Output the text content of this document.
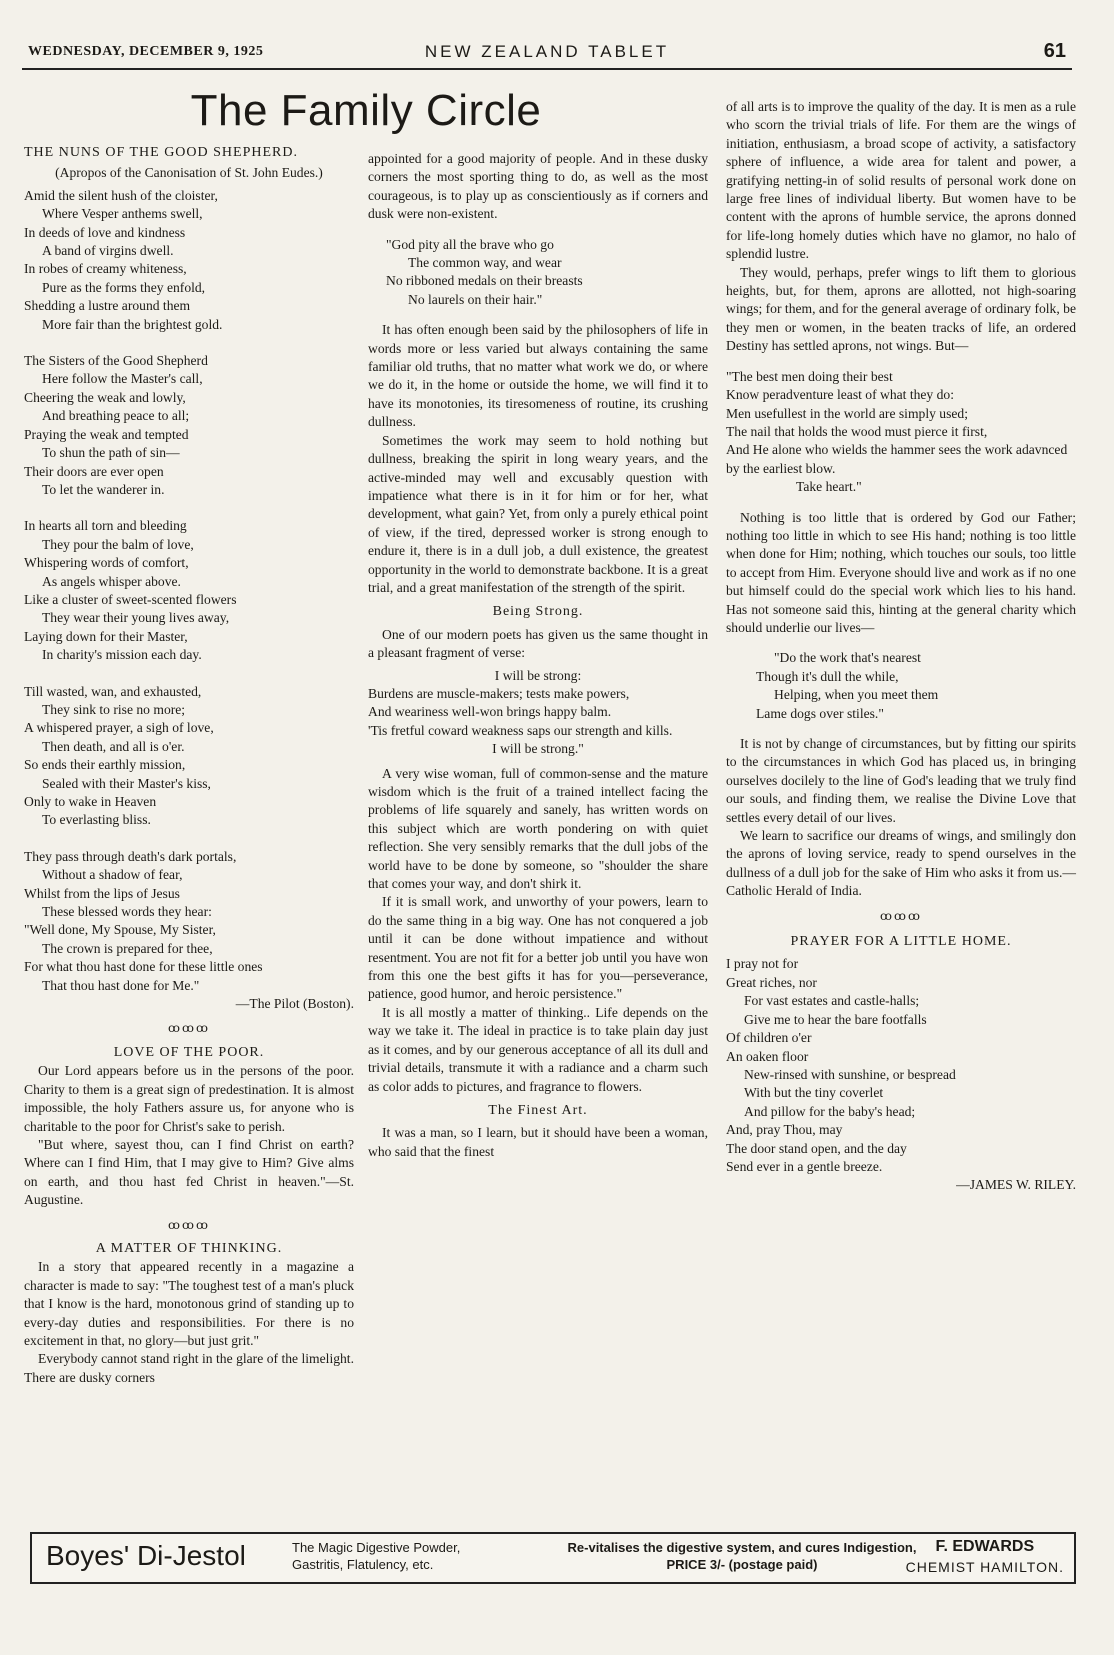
WEDNESDAY, DECEMBER 9, 1925	NEW ZEALAND TABLET	61
The Family Circle
THE NUNS OF THE GOOD SHEPHERD.
(Apropos of the Canonisation of St. John Eudes.)

Amid the silent hush of the cloister,

Where Vesper anthems swell,

In deeds of love and kindness

A band of virgins dwell.

In robes of creamy whiteness,

Pure as the forms they enfold,

Shedding a lustre around them

More fair than the brightest gold.

The Sisters of the Good Shepherd

Here follow the Master's call,

Cheering the weak and lowly,

And breathing peace to all;

Praying the weak and tempted

To shun the path of sin—

Their doors are ever open

To let the wanderer in.

In hearts all torn and bleeding

They pour the balm of love,

Whispering words of comfort,

As angels whisper above.

Like a cluster of sweet-scented flowers

They wear their young lives away,

Laying down for their Master,

In charity's mission each day.

Till wasted, wan, and exhausted,

They sink to rise no more;

A whispered prayer, a sigh of love,

Then death, and all is o'er.

So ends their earthly mission,

Sealed with their Master's kiss,

Only to wake in Heaven

To everlasting bliss.

They pass through death's dark portals,

Without a shadow of fear,

Whilst from the lips of Jesus

These blessed words they hear:

"Well done, My Spouse, My Sister,

The crown is prepared for thee,

For what thou hast done for these little ones

That thou hast done for Me."

—The Pilot (Boston).

ꝏꝏꝏ
LOVE OF THE POOR.

Our Lord appears before us in the persons of the poor. Charity to them is a great sign of predestination. It is almost impossible, the holy Fathers assure us, for anyone who is charitable to the poor for Christ's sake to perish.

"But where, sayest thou, can I find Christ on earth? Where can I find Him, that I may give to Him? Give alms on earth, and thou hast fed Christ in heaven."—St. Augustine.

ꝏꝏꝏ
A MATTER OF THINKING.

In a story that appeared recently in a magazine a character is made to say: "The toughest test of a man's pluck that I know is the hard, monotonous grind of standing up to every-day duties and responsibilities. For there is no excitement in that, no glory—but just grit."

Everybody cannot stand right in the glare of the limelight. There are dusky corners

appointed for a good majority of people. And in these dusky corners the most sporting thing to do, as well as the most courageous, is to play up as conscientiously as if corners and dusk were non-existent.

"God pity all the brave who go

The common way, and wear

No ribboned medals on their breasts

No laurels on their hair."

It has often enough been said by the philosophers of life in words more or less varied but always containing the same familiar old truths, that no matter what work we do, or where we do it, in the home or outside the home, we will find it to have its monotonies, its tiresomeness of routine, its crushing dullness.

Sometimes the work may seem to hold nothing but dullness, breaking the spirit in long weary years, and the active-minded may well and excusably question with impatience what there is in it for him or for her, what development, what gain? Yet, from only a purely ethical point of view, if the tired, depressed worker is strong enough to endure it, there is in a dull job, a dull existence, the greatest opportunity in the world to demonstrate backbone. It is a great trial, and a great manifestation of the strength of the spirit.

Being Strong.

One of our modern poets has given us the same thought in a pleasant fragment of verse:

I will be strong:

Burdens are muscle-makers; tests make powers,

And weariness well-won brings happy balm.

'Tis fretful coward weakness saps our strength and kills.

I will be strong."

A very wise woman, full of common-sense and the mature wisdom which is the fruit of a trained intellect facing the problems of life squarely and sanely, has written words on this subject which are worth pondering on with quiet reflection. She very sensibly remarks that the dull jobs of the world have to be done by someone, so "shoulder the share that comes your way, and don't shirk it.

If it is small work, and unworthy of your powers, learn to do the same thing in a big way. One has not conquered a job until it can be done without impatience and without resentment. You are not fit for a better job until you have won from this one the best gifts it has for you—perseverance, patience, good humor, and heroic persistence."

It is all mostly a matter of thinking.. Life depends on the way we take it. The ideal in practice is to take plain day just as it comes, and by our generous acceptance of all its dull and trivial details, transmute it with a radiance and a charm such as color adds to pictures, and fragrance to flowers.

The Finest Art.

It was a man, so I learn, but it should have been a woman, who said that the finest

of all arts is to improve the quality of the day. It is men as a rule who scorn the trivial trials of life. For them are the wings of initiation, enthusiasm, a broad scope of activity, a satisfactory sphere of influence, a wide area for talent and power, a gratifying netting-in of solid results of personal work done on large free lines of individual liberty. But women have to be content with the aprons of humble service, the aprons donned for life-long homely duties which have no glamor, no halo of splendid lustre.

They would, perhaps, prefer wings to lift them to glorious heights, but, for them, aprons are allotted, not high-soaring wings; for them, and for the general average of ordinary folk, be they men or women, in the beaten tracks of life, an ordered Destiny has settled aprons, not wings. But—

"The best men doing their best

Know peradventure least of what they do:

Men usefullest in the world are simply used;

The nail that holds the wood must pierce it first,

And He alone who wields the hammer sees the work adavnced by the earliest blow.

Take heart."

Nothing is too little that is ordered by God our Father; nothing too little in which to see His hand; nothing is too little when done for Him; nothing, which touches our souls, too little to accept from Him. Everyone should live and work as if no one but himself could do the special work which lies to his hand. Has not someone said this, hinting at the general charity which should underlie our lives—

"Do the work that's nearest

Though it's dull the while,

Helping, when you meet them

Lame dogs over stiles."

It is not by change of circumstances, but by fitting our spirits to the circumstances in which God has placed us, in bringing ourselves docilely to the line of God's leading that we truly find our souls, and finding them, we realise the Divine Love that settles every detail of our lives.

We learn to sacrifice our dreams of wings, and smilingly don the aprons of loving service, ready to spend ourselves in the dullness of a dull job for the sake of Him who asks it from us.—Catholic Herald of India.

ꝏꝏꝏ
PRAYER FOR A LITTLE HOME.

I pray not for

Great riches, nor

For vast estates and castle-halls;

Give me to hear the bare footfalls

Of children o'er

An oaken floor

New-rinsed with sunshine, or bespread

With but the tiny coverlet

And pillow for the baby's head;

And, pray Thou, may

The door stand open, and the day

Send ever in a gentle breeze.

—JAMES W. RILEY.

Boyes' Di-Jestol	The Magic Digestive Powder,
Gastritis, Flatulency, etc.
Re-vitalises the digestive system, and cures Indigestion,
PRICE 3/- (postage paid)
F. EDWARDS
CHEMIST HAMILTON.
